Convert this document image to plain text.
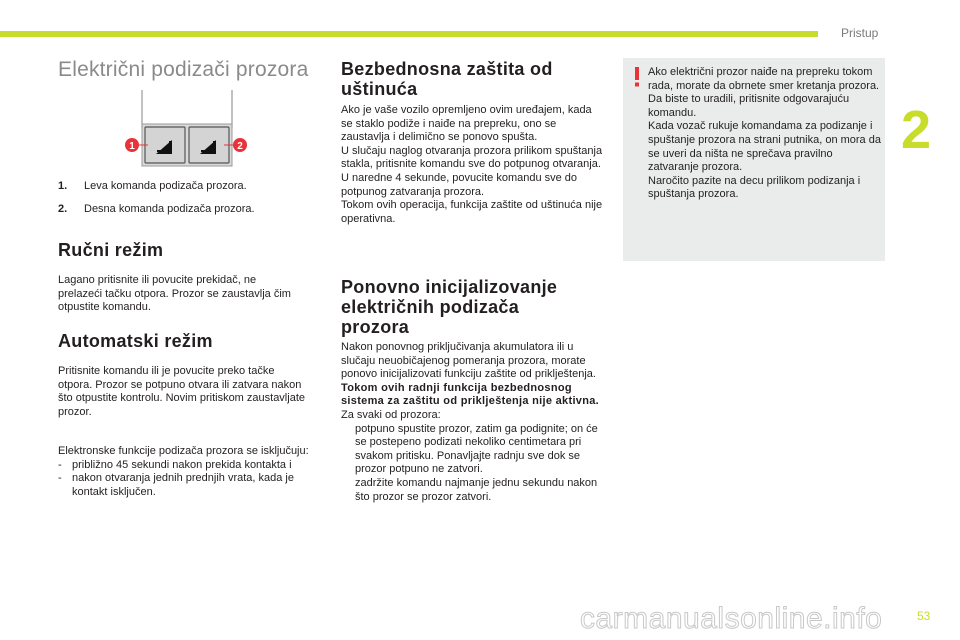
Pristup
2
Električni podizači prozora
1	2
1. Leva komanda podizača prozora.
2. Desna komanda podizača prozora.
Ručni režim
Lagano pritisnite ili povucite prekidač, ne prelazeći tačku otpora. Prozor se zaustavlja čim otpustite komandu.
Automatski režim
Pritisnite komandu ili je povucite preko tačke otpora. Prozor se potpuno otvara ili zatvara nakon što otpustite kontrolu. Novim pritiskom zaustavljate prozor.
Elektronske funkcije podizača prozora se isključuju:
- približno 45 sekundi nakon prekida kontakta i
- nakon otvaranja jednih prednjih vrata, kada je kontakt isključen.
Bezbednosna zaštita od uštinuća
Ako je vaše vozilo opremljeno ovim uređajem, kada se staklo podiže i naiđe na prepreku, ono se zaustavlja i delimično se ponovo spušta.
U slučaju naglog otvaranja prozora prilikom spuštanja stakla, pritisnite komandu sve do potpunog otvaranja. U naredne 4 sekunde, povucite komandu sve do potpunog zatvaranja prozora.
Tokom ovih operacija, funkcija zaštite od uštinuća nije operativna.
Ponovno inicijalizovanje električnih podizača prozora
Nakon ponovnog priključivanja akumulatora ili u slučaju neuobičajenog pomeranja prozora, morate ponovo inicijalizovati funkciju zaštite od priklještenja.
Tokom ovih radnji funkcija bezbednosnog sistema za zaštitu od priklještenja nije aktivna.
Za svaki od prozora:
potpuno spustite prozor, zatim ga podignite; on će se postepeno podizati nekoliko centimetara pri svakom pritisku. Ponavljajte radnju sve dok se prozor potpuno ne zatvori.
zadržite komandu najmanje jednu sekundu nakon što prozor se prozor zatvori.
Ako električni prozor naiđe na prepreku tokom rada, morate da obrnete smer kretanja prozora. Da biste to uradili, pritisnite odgovarajuću komandu.
Kada vozač rukuje komandama za podizanje i spuštanje prozora na strani putnika, on mora da se uveri da ništa ne sprečava pravilno zatvaranje prozora.
Naročito pazite na decu prilikom podizanja i spuštanja prozora.
carmanualsonline.info	53
